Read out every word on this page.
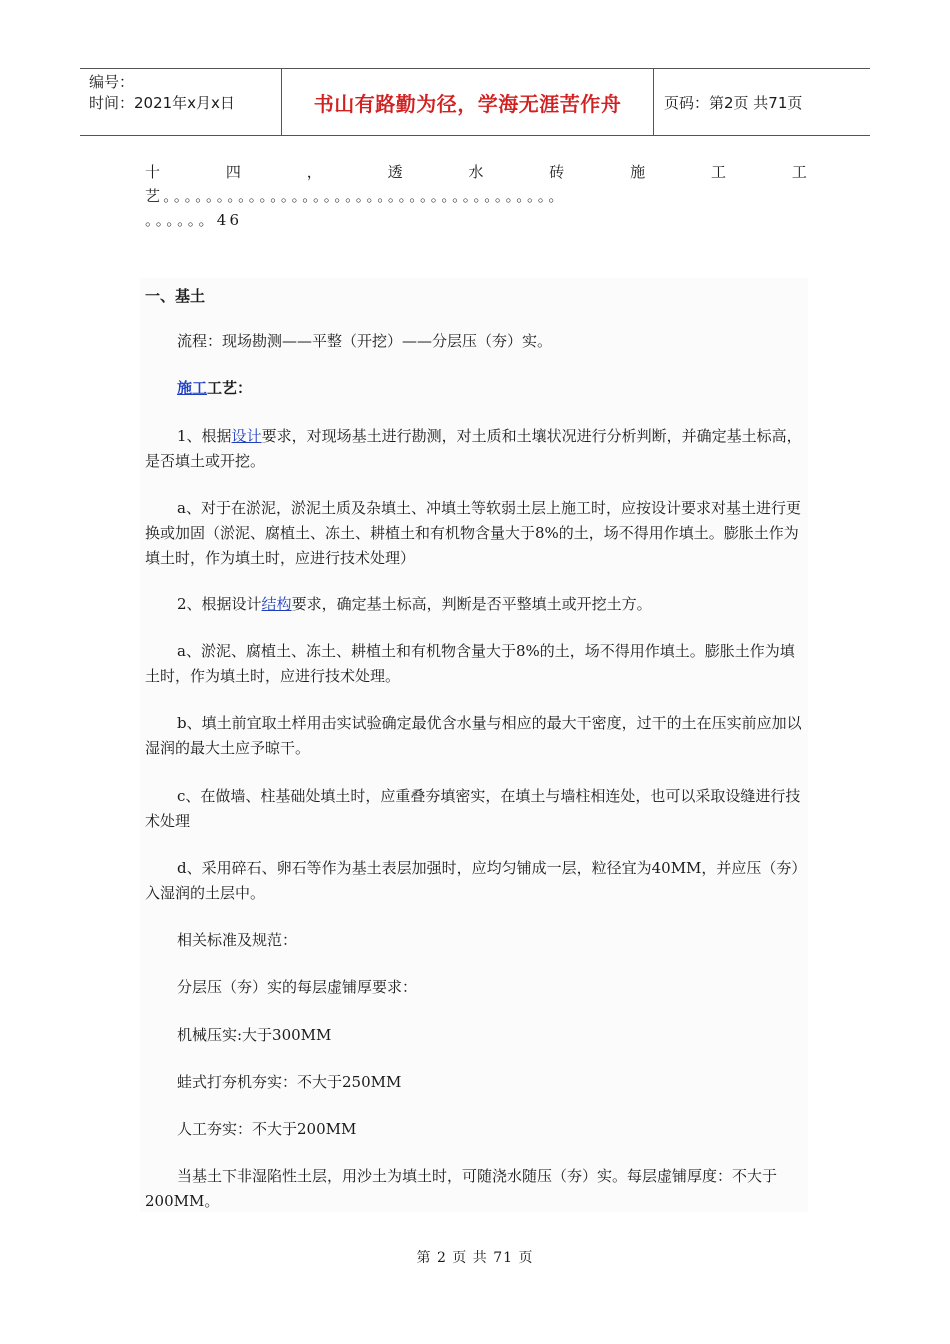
编号：
时间：2021年x月x日	书山有路勤为径，学海无涯苦作舟	页码：第2页 共71页
十	四	，	透	水	砖	施	工	工
艺。。。。。。。。。。。。。。。。。。。。。。。。。。。。。。。。。。。。。
。。。。。。46

一、基土

流程：现场勘测——平整（开挖）——分层压（夯）实。

施工工艺：

1、根据设计要求，对现场基土进行勘测，对土质和土壤状况进行分析判断，并确定基土标高，是否填土或开挖。

a、对于在淤泥，淤泥土质及杂填土、冲填土等软弱土层上施工时，应按设计要求对基土进行更换或加固（淤泥、腐植土、冻土、耕植土和有机物含量大于8%的土，场不得用作填土。膨胀土作为填土时，作为填土时，应进行技术处理）

2、根据设计结构要求，确定基土标高，判断是否平整填土或开挖土方。

a、淤泥、腐植土、冻土、耕植土和有机物含量大于8%的土，场不得用作填土。膨胀土作为填土时，作为填土时，应进行技术处理。

b、填土前宜取土样用击实试验确定最优含水量与相应的最大干密度，过干的土在压实前应加以湿润的最大土应予晾干。

c、在做墙、柱基础处填土时，应重叠夯填密实，在填土与墙柱相连处，也可以采取设缝进行技术处理

d、采用碎石、卵石等作为基土表层加强时，应均匀铺成一层，粒径宜为40MM，并应压（夯）入湿润的土层中。

相关标准及规范：

分层压（夯）实的每层虚铺厚要求：

机械压实:大于300MM

蛙式打夯机夯实：不大于250MM

人工夯实：不大于200MM

当基土下非湿陷性土层，用沙土为填土时，可随浇水随压（夯）实。每层虚铺厚度：不大于200MM。

第 2 页 共 71 页
